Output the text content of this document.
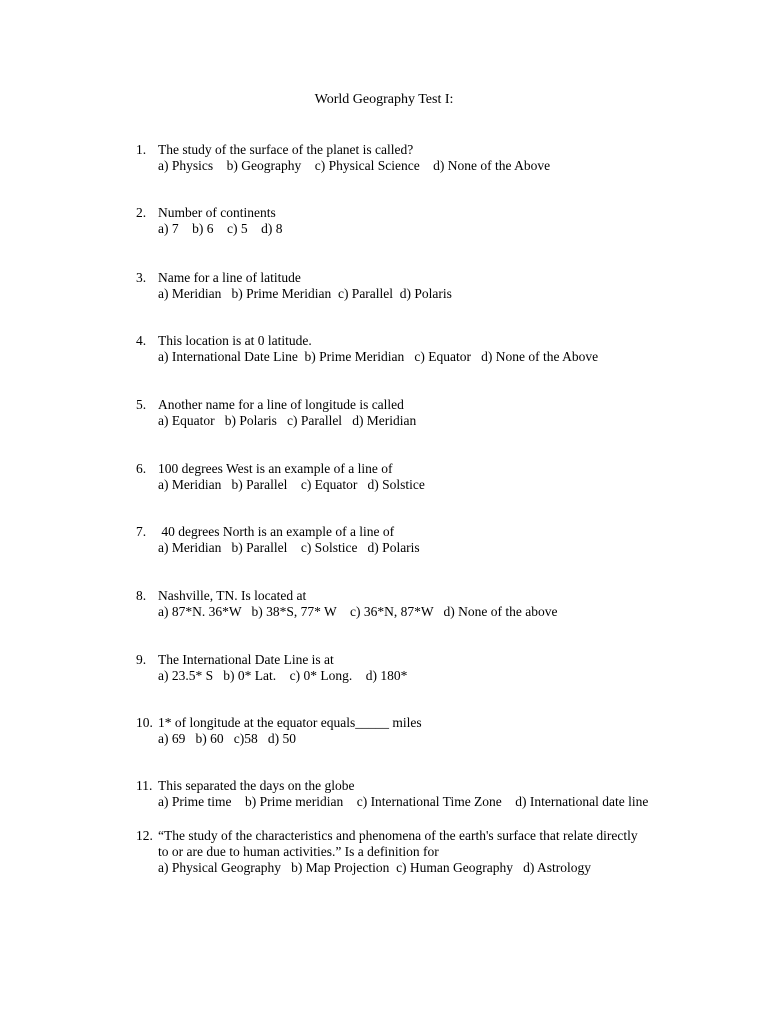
World Geography Test I:
1. The study of the surface of the planet is called?
a) Physics    b) Geography    c) Physical Science    d) None of the Above
2. Number of continents
a) 7    b) 6    c) 5    d) 8
3. Name for a line of latitude
a) Meridian   b) Prime Meridian  c) Parallel  d) Polaris
4. This location is at 0 latitude.
a) International Date Line  b) Prime Meridian   c) Equator   d) None of the Above
5. Another name for a line of longitude is called
a) Equator   b) Polaris   c) Parallel   d) Meridian
6. 100 degrees West is an example of a line of
a) Meridian   b) Parallel    c) Equator   d) Solstice
7. 40 degrees North is an example of a line of
a) Meridian   b) Parallel    c) Solstice   d) Polaris
8. Nashville, TN. Is located at
a) 87*N. 36*W   b) 38*S, 77* W    c) 36*N, 87*W   d) None of the above
9. The International Date Line is at
a) 23.5* S   b) 0* Lat.    c) 0* Long.    d) 180*
10. 1* of longitude at the equator equals_____ miles
a) 69   b) 60   c)58   d) 50
11. This separated the days on the globe
a) Prime time    b) Prime meridian    c) International Time Zone    d) International date line
12. “The study of the characteristics and phenomena of the earth's surface that relate directly
to or are due to human activities.” Is a definition for
a) Physical Geography   b) Map Projection  c) Human Geography   d) Astrology
